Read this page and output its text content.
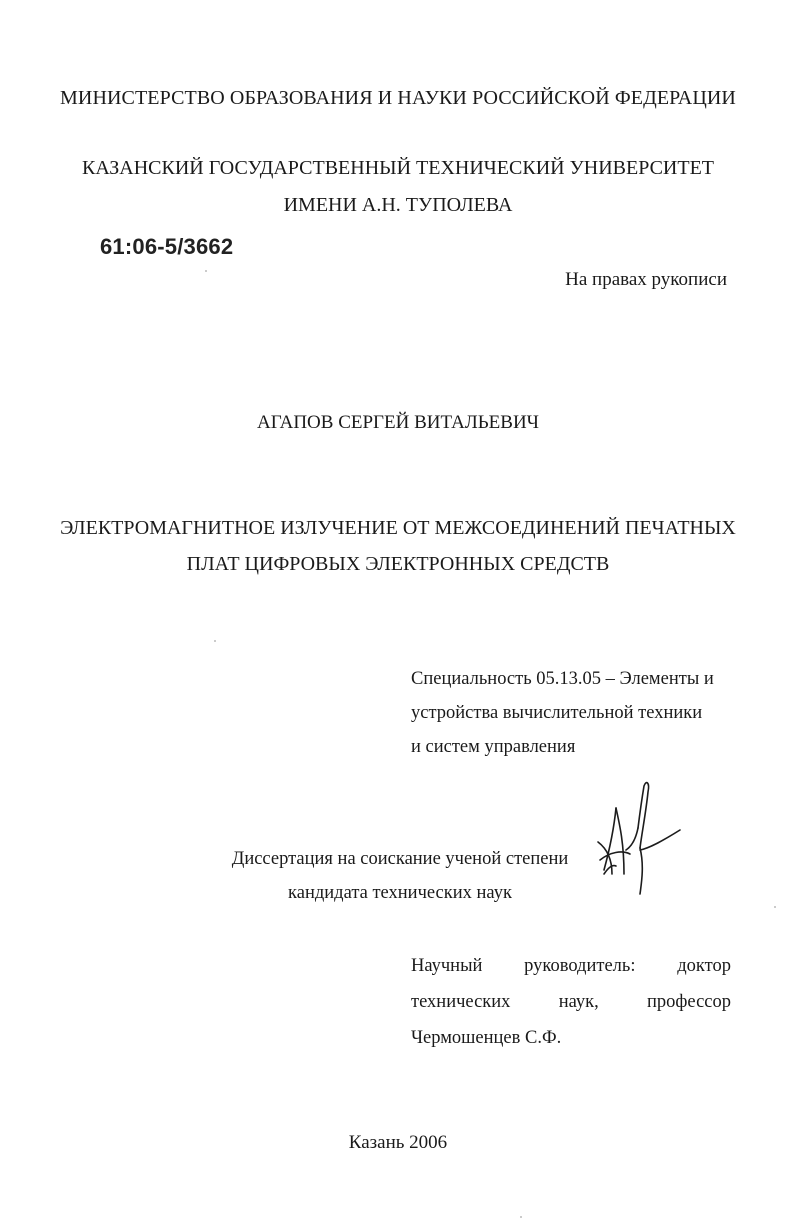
МИНИСТЕРСТВО ОБРАЗОВАНИЯ И НАУКИ РОССИЙСКОЙ ФЕДЕРАЦИИ
КАЗАНСКИЙ ГОСУДАРСТВЕННЫЙ ТЕХНИЧЕСКИЙ УНИВЕРСИТЕТ
ИМЕНИ А.Н. ТУПОЛЕВА
61:06-5/3662
На правах рукописи
АГАПОВ СЕРГЕЙ ВИТАЛЬЕВИЧ
ЭЛЕКТРОМАГНИТНОЕ ИЗЛУЧЕНИЕ ОТ МЕЖСОЕДИНЕНИЙ ПЕЧАТНЫХ
ПЛАТ ЦИФРОВЫХ ЭЛЕКТРОННЫХ СРЕДСТВ
Специальность 05.13.05 – Элементы и
устройства вычислительной техники
и систем управления
Диссертация на соискание ученой степени
кандидата технических наук
Научный руководитель: доктор
технических	наук,	профессор
Чермошенцев С.Ф.
Казань 2006
